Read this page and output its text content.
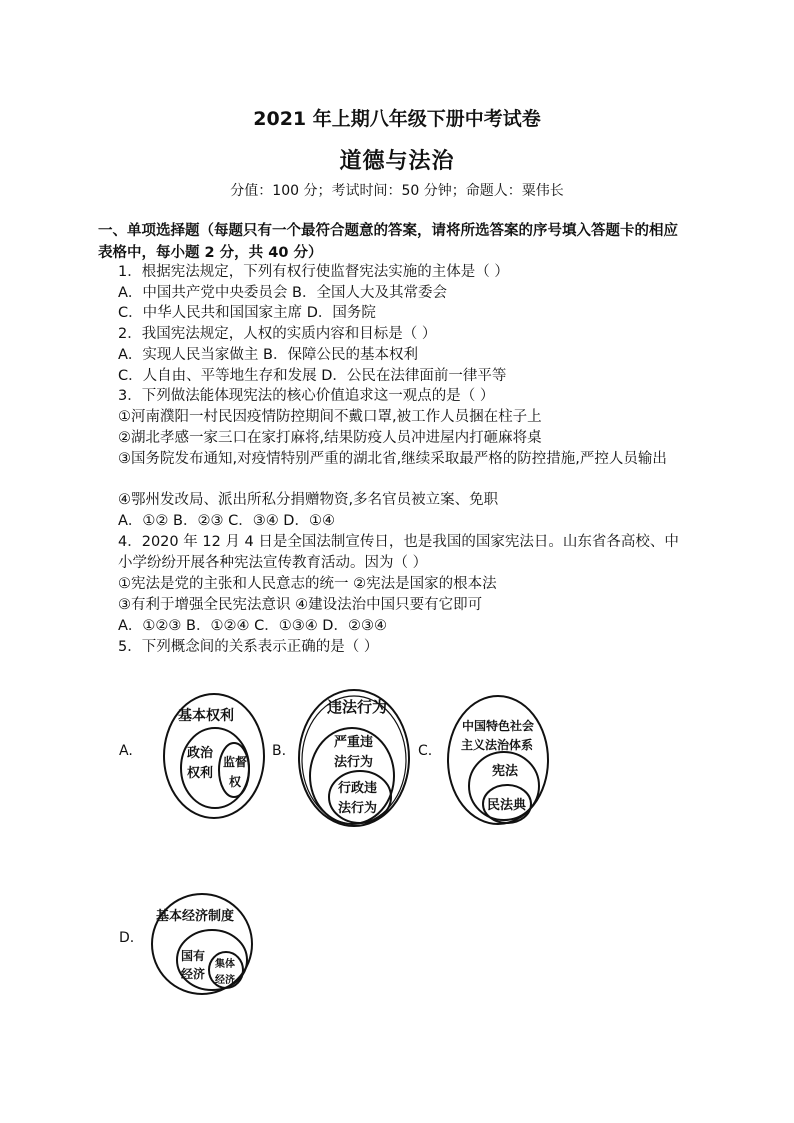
2021 年上期八年级下册中考试卷
道德与法治
分值：100 分；考试时间：50 分钟；命题人：粟伟长
一、单项选择题（每题只有一个最符合题意的答案，请将所选答案的序号填入答题卡的相应表格中，每小题 2 分，共 40 分）
1．根据宪法规定，下列有权行使监督宪法实施的主体是（ ）
A．中国共产党中央委员会 B．全国人大及其常委会
C．中华人民共和国国家主席 D．国务院
2．我国宪法规定，人权的实质内容和目标是（ ）
A．实现人民当家做主 B．保障公民的基本权利
C．人自由、平等地生存和发展 D．公民在法律面前一律平等
3．下列做法能体现宪法的核心价值追求这一观点的是（ ）
①河南濮阳一村民因疫情防控期间不戴口罩,被工作人员捆在柱子上
②湖北孝感一家三口在家打麻将,结果防疫人员冲进屋内打砸麻将桌
③国务院发布通知,对疫情特别严重的湖北省,继续采取最严格的防控措施,严控人员输出
④鄂州发改局、派出所私分捐赠物资,多名官员被立案、免职
A．①② B．②③ C．③④ D．①④
4．2020 年 12 月 4 日是全国法制宣传日，也是我国的国家宪法日。山东省各高校、中小学纷纷开展各种宪法宣传教育活动。因为（ ）
①宪法是党的主张和人民意志的统一 ②宪法是国家的根本法
③有利于增强全民宪法意识 ④建设法治中国只要有它即可
A．①②③ B．①②④ C．①③④ D．②③④
5．下列概念间的关系表示正确的是（ ）
A.	B.	C.
D.
基本权利
政治
权利
监督
权
违法行为
严重违
法行为
行政违
法行为
中国特色社会
主义法治体系
宪法
民法典
基本经济制度
国有
经济
集体
经济
